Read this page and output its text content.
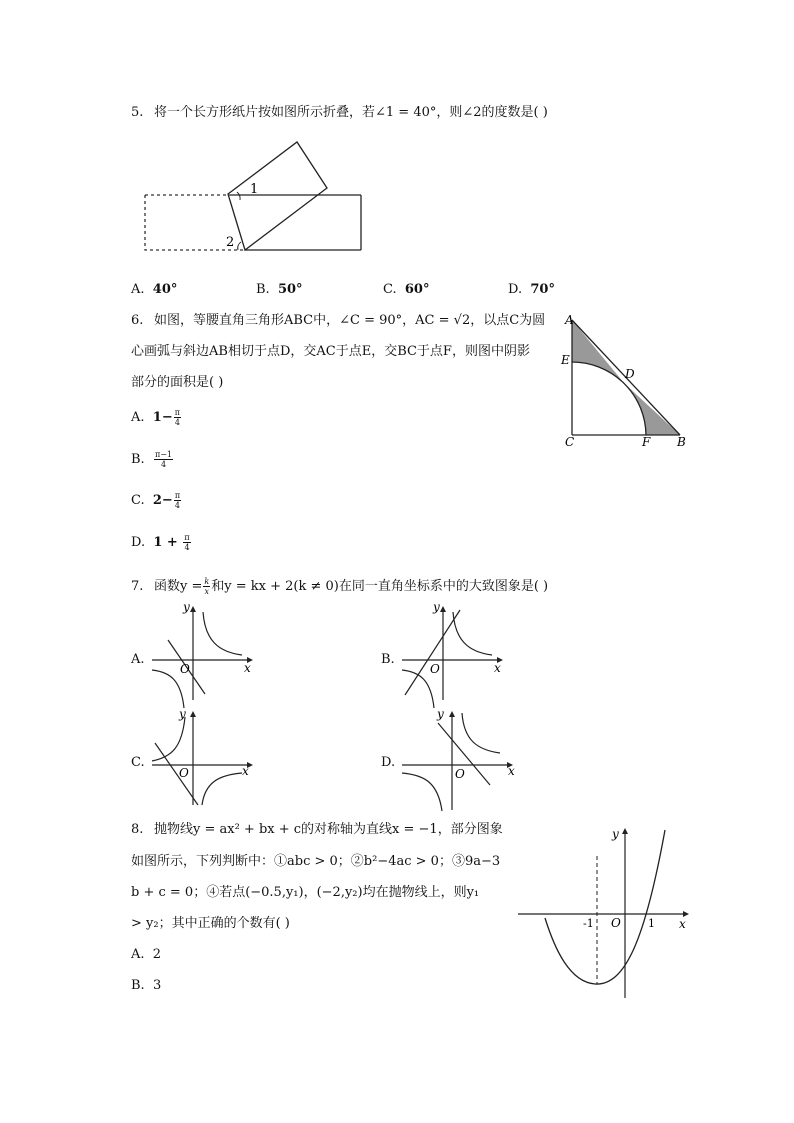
5. 将一个长方形纸片按如图所示折叠，若∠1 = 40°，则∠2的度数是( )
1
2
A. 40°	B. 50°	C. 60°	D. 70°
6. 如图，等腰直角三角形ABC中，∠C = 90°，AC = √2，以点C为圆
心画弧与斜边AB相切于点D，交AC于点E，交BC于点F，则图中阴影
部分的面积是( )
A
E
D
C	F B
A. $1- \frac{\pi}{4}$
B. $\frac{\pi-1}{4}$
C. $2- \frac{\pi}{4}$
D. $1 + \frac{\pi}{4}$
7. 函数$y = \frac{k}{x}$ 和y = kx + 2(k ≠ 0)在同一直角坐标系中的大致图象是( )
A.
y
x
O
B.
y
x
O
C.
y
x
O
D.
y
x
O
8. 抛物线y = ax² + bx + c的对称轴为直线x = −1，部分图象
如图所示，下列判断中：①abc > 0；②b²−4ac > 0；③9a−3
b + c = 0；④若点(−0.5,y₁)，(−2,y₂)均在抛物线上，则y₁
> y₂；其中正确的个数有( )
y
x
O
-1	1
A. 2
B. 3
